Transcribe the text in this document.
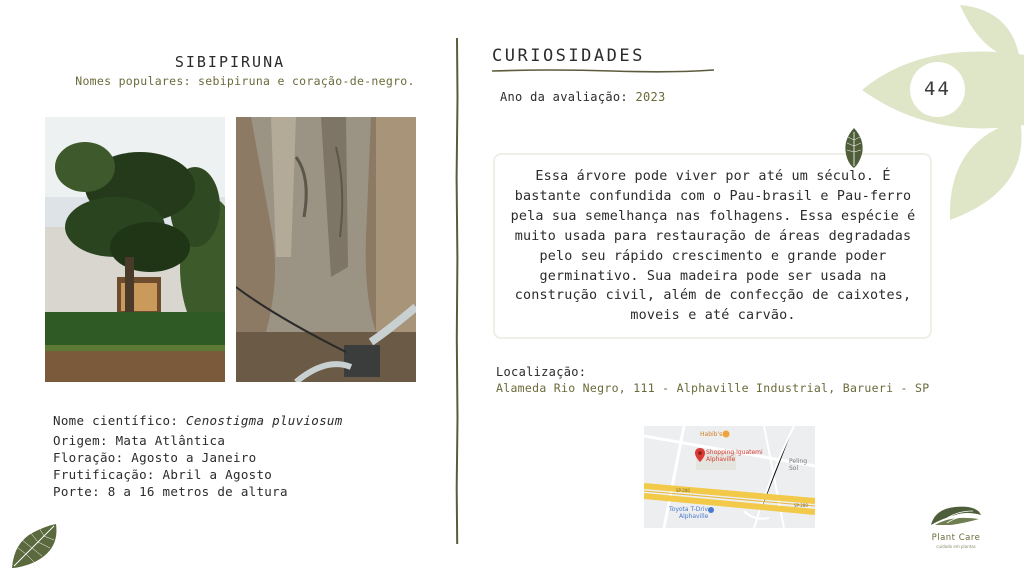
SIBIPIRUNA
Nomes populares: sebipiruna e coração-de-negro.
Nome científico: Cenostigma pluviosum
Origem: Mata Atlântica
Floração: Agosto a Janeiro
Frutificação: Abril a Agosto
Porte: 8 a 16 metros de altura
CURIOSIDADES
Ano da avaliação: 2023
Essa árvore pode viver por até um século. É bastante confundida com o Pau-brasil e Pau-ferro pela sua semelhança nas folhagens. Essa espécie é muito usada para restauração de áreas degradadas pelo seu rápido crescimento e grande poder germinativo. Sua madeira pode ser usada na construção civil, além de confecção de caixotes, moveis e até carvão.
Localização:
Alameda Rio Negro, 111 - Alphaville Industrial, Barueri - SP
Habib's
Shopping Iguatemi
Alphaville	Peling Sol
Toyota T-Drive
Alphaville
SP-280
SP-280
44
Plant Care
cuidado em plantas
